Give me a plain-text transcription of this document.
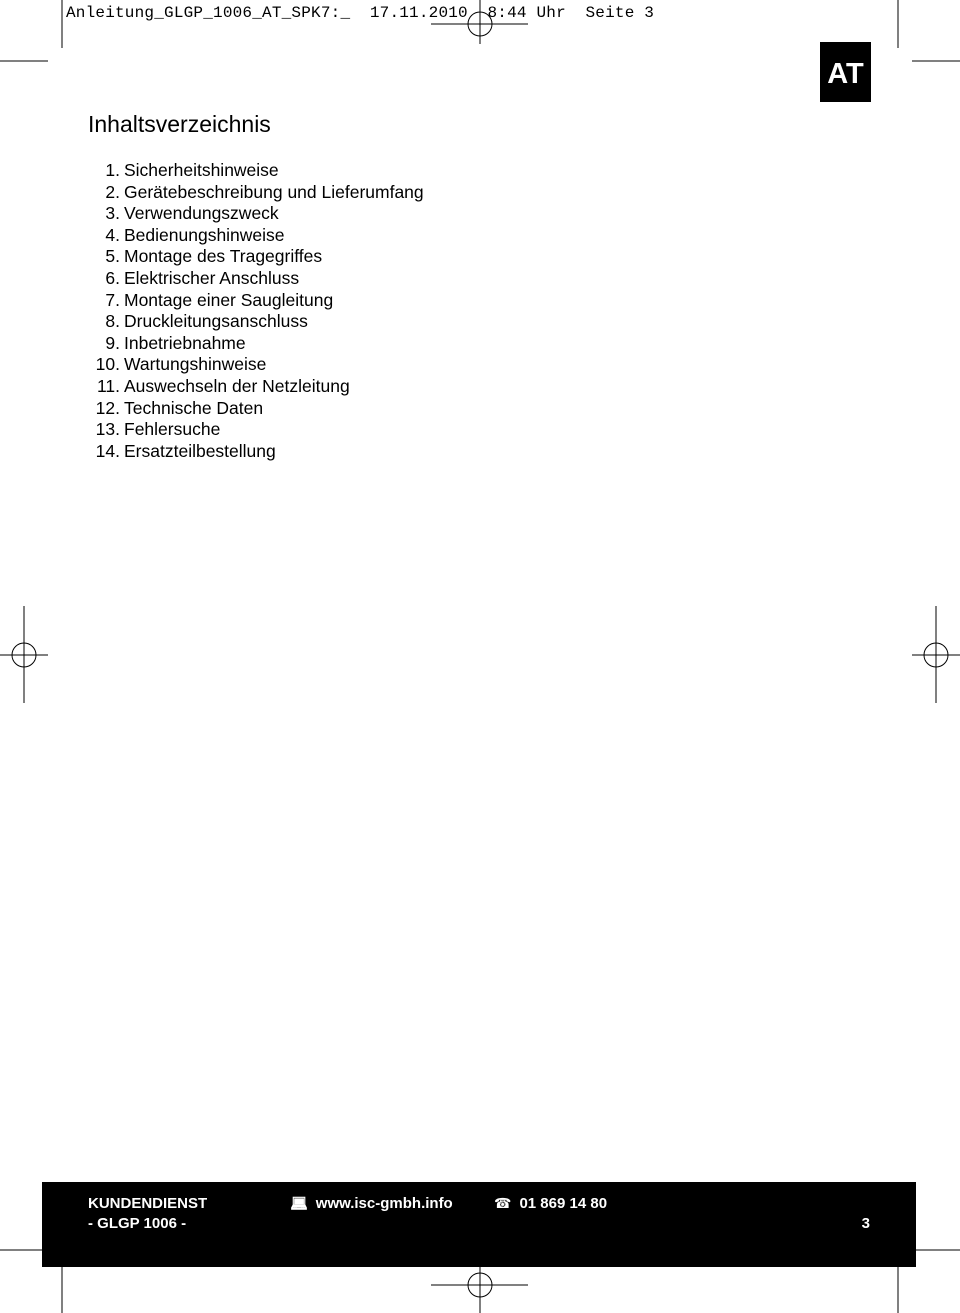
Anleitung_GLGP_1006_AT_SPK7:_  17.11.2010  8:44 Uhr  Seite 3
AT
Inhaltsverzeichnis
1. Sicherheitshinweise
2. Gerätebeschreibung und Lieferumfang
3. Verwendungszweck
4. Bedienungshinweise
5. Montage des Tragegriffes
6. Elektrischer Anschluss
7. Montage einer Saugleitung
8. Druckleitungsanschluss
9. Inbetriebnahme
10. Wartungshinweise
11. Auswechseln der Netzleitung
12. Technische Daten
13. Fehlersuche
14. Ersatzteilbestellung
KUNDENDIENST	💻︎ www.isc-gmbh.info	☎ 01 869 14 80
- GLGP 1006 -	3
